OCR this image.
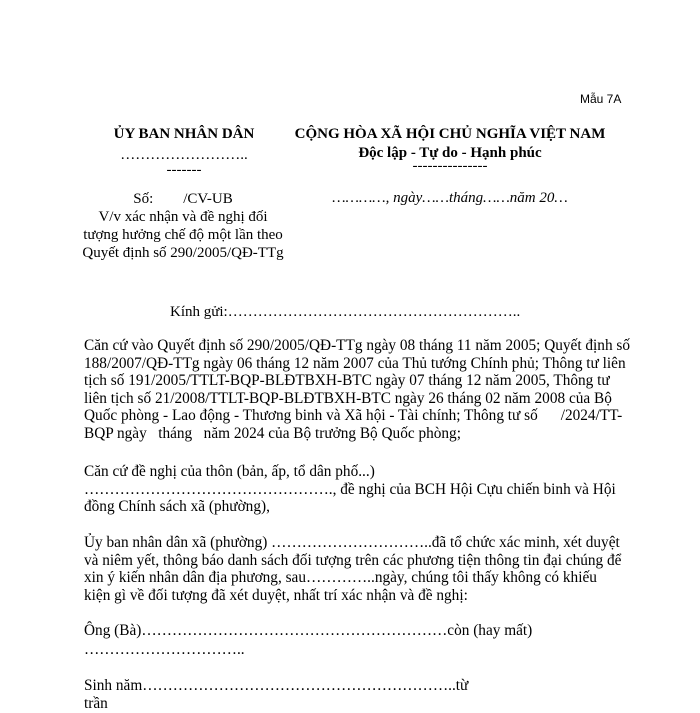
Mẫu 7A
ỦY BAN NHÂN DÂN
……………………..
-------
CỘNG HÒA XÃ HỘI CHỦ NGHĨA VIỆT NAM
Độc lập - Tự do - Hạnh phúc
---------------
Số:        /CV-UB
V/v xác nhận và đề nghị đối
tượng hưởng chế độ một lần theo
Quyết định số 290/2005/QĐ-TTg
…………, ngày……tháng……năm 20…
Kính gửi:…………………………………………………..
Căn cứ vào Quyết định số 290/2005/QĐ-TTg ngày 08 tháng 11 năm 2005; Quyết định số
188/2007/QĐ-TTg ngày 06 tháng 12 năm 2007 của Thủ tướng Chính phủ; Thông tư liên
tịch số 191/2005/TTLT-BQP-BLĐTBXH-BTC ngày 07 tháng 12 năm 2005, Thông tư
liên tịch số 21/2008/TTLT-BQP-BLĐTBXH-BTC ngày 26 tháng 02 năm 2008 của Bộ
Quốc phòng - Lao động - Thương binh và Xã hội - Tài chính; Thông tư số      /2024/TT-
BQP ngày   tháng   năm 2024 của Bộ trưởng Bộ Quốc phòng;
Căn cứ đề nghị của thôn (bản, ấp, tổ dân phố...)
…………………………………………., đề nghị của BCH Hội Cựu chiến binh và Hội
đồng Chính sách xã (phường),
Ủy ban nhân dân xã (phường) …………………………..đã tổ chức xác minh, xét duyệt
và niêm yết, thông báo danh sách đối tượng trên các phương tiện thông tin đại chúng để
xin ý kiến nhân dân địa phương, sau…………..ngày, chúng tôi thấy không có khiếu
kiện gì về đối tượng đã xét duyệt, nhất trí xác nhận và đề nghị:
Ông (Bà)……………………………………………………còn (hay mất)
…………………………..
Sinh năm……………………………………………………..từ
trần
